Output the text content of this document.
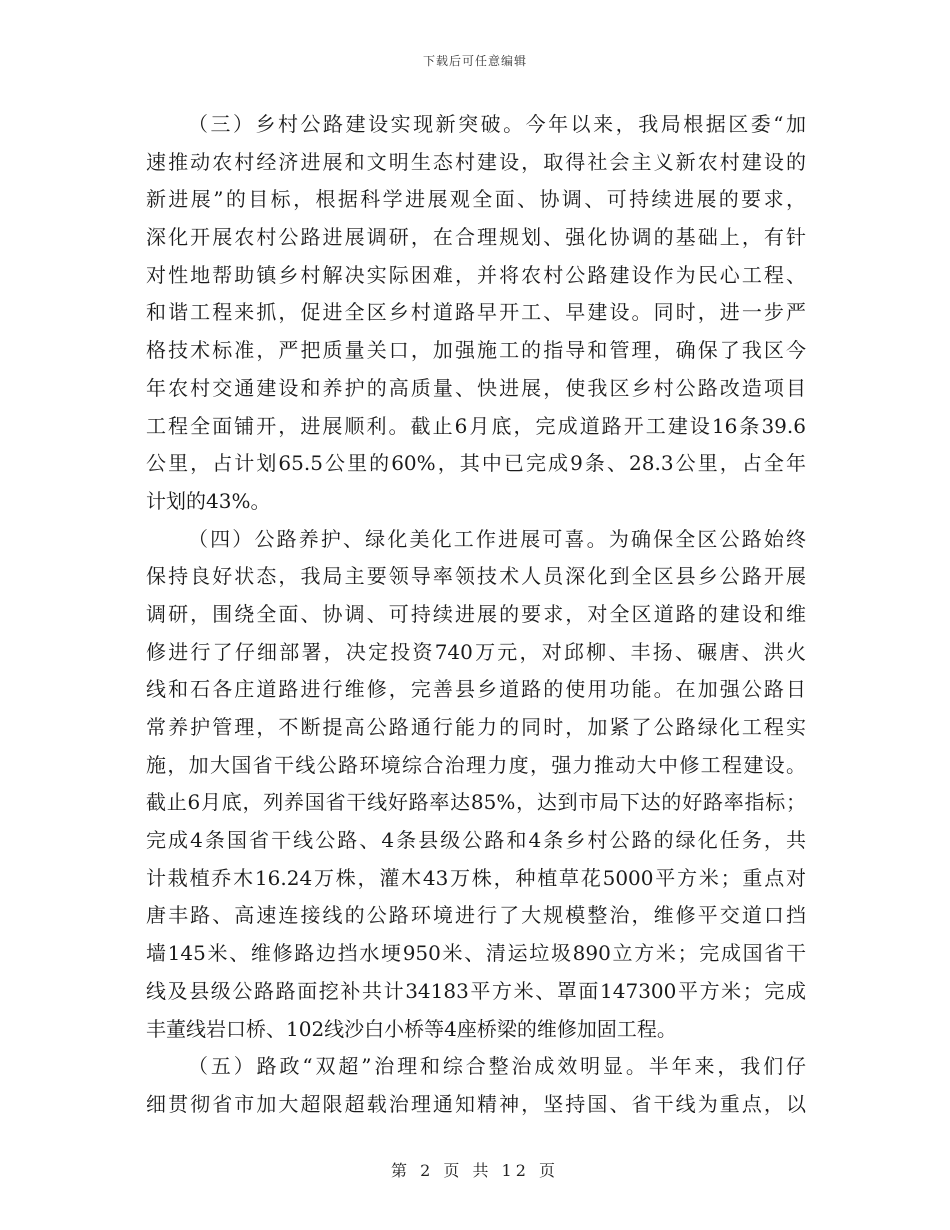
下载后可任意编辑
（三）乡村公路建设实现新突破。今年以来，我局根据区委“加
速推动农村经济进展和文明生态村建设，取得社会主义新农村建设的
新进展”的目标，根据科学进展观全面、协调、可持续进展的要求，
深化开展农村公路进展调研，在合理规划、强化协调的基础上，有针
对性地帮助镇乡村解决实际困难，并将农村公路建设作为民心工程、
和谐工程来抓，促进全区乡村道路早开工、早建设。同时，进一步严
格技术标准，严把质量关口，加强施工的指导和管理，确保了我区今
年农村交通建设和养护的高质量、快进展，使我区乡村公路改造项目
工程全面铺开，进展顺利。截止6月底，完成道路开工建设16条39.6
公里，占计划65.5公里的60%，其中已完成9条、28.3公里，占全年
计划的43%。
（四）公路养护、绿化美化工作进展可喜。为确保全区公路始终
保持良好状态，我局主要领导率领技术人员深化到全区县乡公路开展
调研，围绕全面、协调、可持续进展的要求，对全区道路的建设和维
修进行了仔细部署，决定投资740万元，对邱柳、丰扬、碾唐、洪火
线和石各庄道路进行维修，完善县乡道路的使用功能。在加强公路日
常养护管理，不断提高公路通行能力的同时，加紧了公路绿化工程实
施，加大国省干线公路环境综合治理力度，强力推动大中修工程建设。
截止6月底，列养国省干线好路率达85%，达到市局下达的好路率指标；
完成4条国省干线公路、4条县级公路和4条乡村公路的绿化任务，共
计栽植乔木16.24万株，灌木43万株，种植草花5000平方米；重点对
唐丰路、高速连接线的公路环境进行了大规模整治，维修平交道口挡
墙145米、维修路边挡水埂950米、清运垃圾890立方米；完成国省干
线及县级公路路面挖补共计34183平方米、罩面147300平方米；完成
丰董线岩口桥、102线沙白小桥等4座桥梁的维修加固工程。
（五）路政“双超”治理和综合整治成效明显。半年来，我们仔
细贯彻省市加大超限超载治理通知精神，坚持国、省干线为重点，以
第 2 页 共 12 页
